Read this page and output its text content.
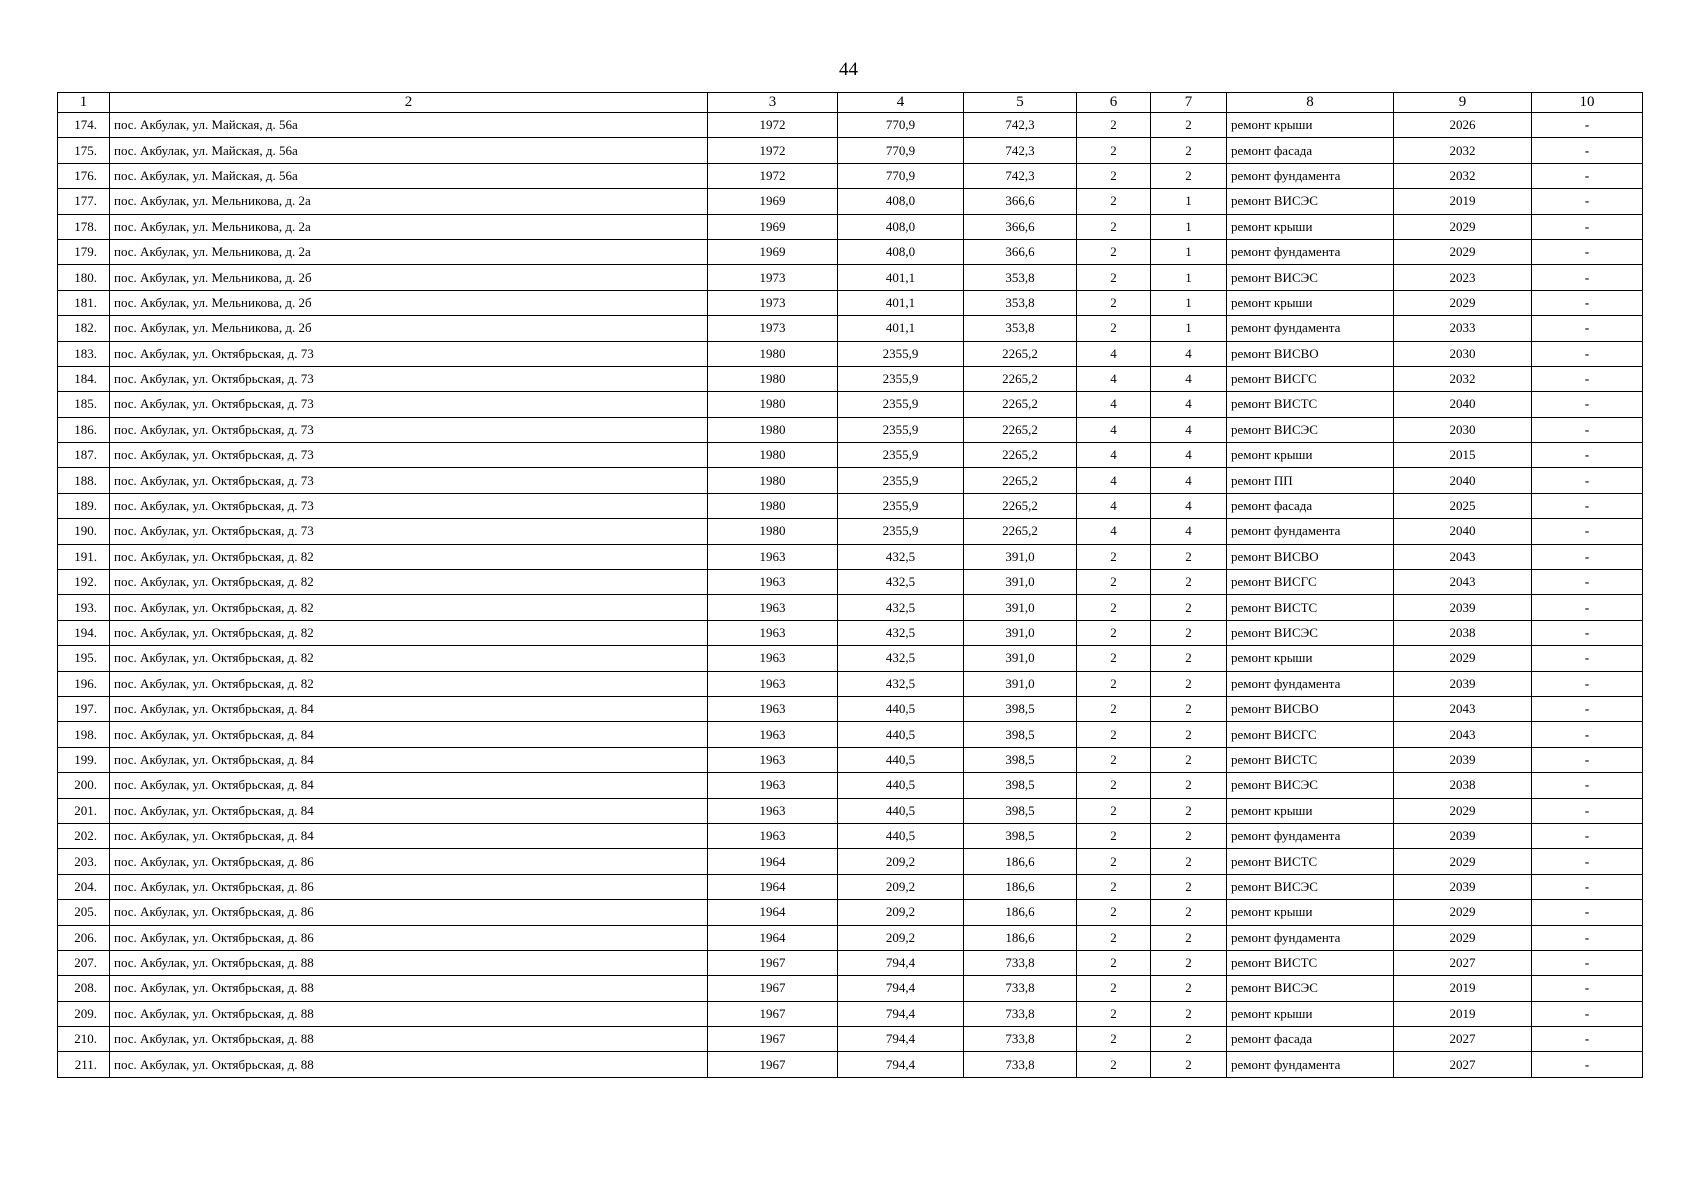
44
1	2	3	4	5	6	7	8	9	10
174.	пос. Акбулак, ул. Майская, д. 56а	1972	770,9	742,3	2	2	ремонт крыши	2026	-
175.	пос. Акбулак, ул. Майская, д. 56а	1972	770,9	742,3	2	2	ремонт фасада	2032	-
176.	пос. Акбулак, ул. Майская, д. 56а	1972	770,9	742,3	2	2	ремонт фундамента	2032	-
177.	пос. Акбулак, ул. Мельникова, д. 2а	1969	408,0	366,6	2	1	ремонт ВИСЭС	2019	-
178.	пос. Акбулак, ул. Мельникова, д. 2а	1969	408,0	366,6	2	1	ремонт крыши	2029	-
179.	пос. Акбулак, ул. Мельникова, д. 2а	1969	408,0	366,6	2	1	ремонт фундамента	2029	-
180.	пос. Акбулак, ул. Мельникова, д. 2б	1973	401,1	353,8	2	1	ремонт ВИСЭС	2023	-
181.	пос. Акбулак, ул. Мельникова, д. 2б	1973	401,1	353,8	2	1	ремонт крыши	2029	-
182.	пос. Акбулак, ул. Мельникова, д. 2б	1973	401,1	353,8	2	1	ремонт фундамента	2033	-
183.	пос. Акбулак, ул. Октябрьская, д. 73	1980	2355,9	2265,2	4	4	ремонт ВИСВО	2030	-
184.	пос. Акбулак, ул. Октябрьская, д. 73	1980	2355,9	2265,2	4	4	ремонт ВИСГС	2032	-
185.	пос. Акбулак, ул. Октябрьская, д. 73	1980	2355,9	2265,2	4	4	ремонт ВИСТС	2040	-
186.	пос. Акбулак, ул. Октябрьская, д. 73	1980	2355,9	2265,2	4	4	ремонт ВИСЭС	2030	-
187.	пос. Акбулак, ул. Октябрьская, д. 73	1980	2355,9	2265,2	4	4	ремонт крыши	2015	-
188.	пос. Акбулак, ул. Октябрьская, д. 73	1980	2355,9	2265,2	4	4	ремонт ПП	2040	-
189.	пос. Акбулак, ул. Октябрьская, д. 73	1980	2355,9	2265,2	4	4	ремонт фасада	2025	-
190.	пос. Акбулак, ул. Октябрьская, д. 73	1980	2355,9	2265,2	4	4	ремонт фундамента	2040	-
191.	пос. Акбулак, ул. Октябрьская, д. 82	1963	432,5	391,0	2	2	ремонт ВИСВО	2043	-
192.	пос. Акбулак, ул. Октябрьская, д. 82	1963	432,5	391,0	2	2	ремонт ВИСГС	2043	-
193.	пос. Акбулак, ул. Октябрьская, д. 82	1963	432,5	391,0	2	2	ремонт ВИСТС	2039	-
194.	пос. Акбулак, ул. Октябрьская, д. 82	1963	432,5	391,0	2	2	ремонт ВИСЭС	2038	-
195.	пос. Акбулак, ул. Октябрьская, д. 82	1963	432,5	391,0	2	2	ремонт крыши	2029	-
196.	пос. Акбулак, ул. Октябрьская, д. 82	1963	432,5	391,0	2	2	ремонт фундамента	2039	-
197.	пос. Акбулак, ул. Октябрьская, д. 84	1963	440,5	398,5	2	2	ремонт ВИСВО	2043	-
198.	пос. Акбулак, ул. Октябрьская, д. 84	1963	440,5	398,5	2	2	ремонт ВИСГС	2043	-
199.	пос. Акбулак, ул. Октябрьская, д. 84	1963	440,5	398,5	2	2	ремонт ВИСТС	2039	-
200.	пос. Акбулак, ул. Октябрьская, д. 84	1963	440,5	398,5	2	2	ремонт ВИСЭС	2038	-
201.	пос. Акбулак, ул. Октябрьская, д. 84	1963	440,5	398,5	2	2	ремонт крыши	2029	-
202.	пос. Акбулак, ул. Октябрьская, д. 84	1963	440,5	398,5	2	2	ремонт фундамента	2039	-
203.	пос. Акбулак, ул. Октябрьская, д. 86	1964	209,2	186,6	2	2	ремонт ВИСТС	2029	-
204.	пос. Акбулак, ул. Октябрьская, д. 86	1964	209,2	186,6	2	2	ремонт ВИСЭС	2039	-
205.	пос. Акбулак, ул. Октябрьская, д. 86	1964	209,2	186,6	2	2	ремонт крыши	2029	-
206.	пос. Акбулак, ул. Октябрьская, д. 86	1964	209,2	186,6	2	2	ремонт фундамента	2029	-
207.	пос. Акбулак, ул. Октябрьская, д. 88	1967	794,4	733,8	2	2	ремонт ВИСТС	2027	-
208.	пос. Акбулак, ул. Октябрьская, д. 88	1967	794,4	733,8	2	2	ремонт ВИСЭС	2019	-
209.	пос. Акбулак, ул. Октябрьская, д. 88	1967	794,4	733,8	2	2	ремонт крыши	2019	-
210.	пос. Акбулак, ул. Октябрьская, д. 88	1967	794,4	733,8	2	2	ремонт фасада	2027	-
211.	пос. Акбулак, ул. Октябрьская, д. 88	1967	794,4	733,8	2	2	ремонт фундамента	2027	-
